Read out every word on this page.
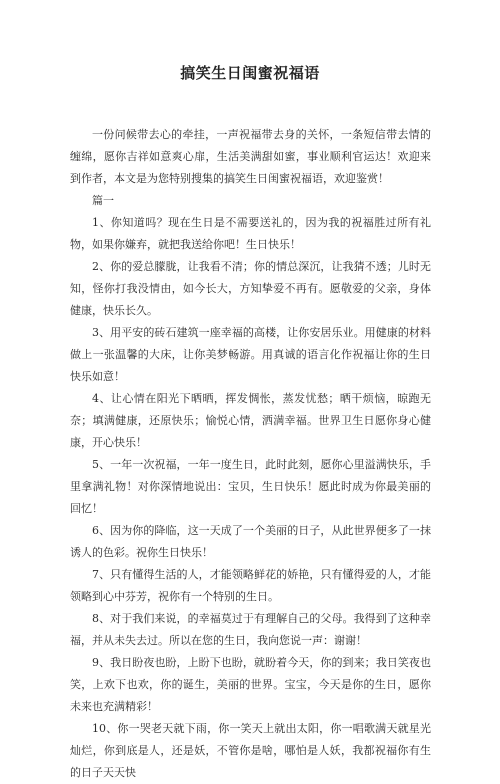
搞笑生日闺蜜祝福语

一份问候带去心的牵挂，一声祝福带去身的关怀，一条短信带去情的缠绵，愿你吉祥如意爽心扉，生活美满甜如蜜，事业顺利官运达！欢迎来到作者，本文是为您特别搜集的搞笑生日闺蜜祝福语，欢迎鉴赏！

篇一

1、你知道吗？现在生日是不需要送礼的，因为我的祝福胜过所有礼物，如果你嫌弃，就把我送给你吧！生日快乐！

2、你的爱总朦胧，让我看不清；你的情总深沉，让我猜不透；儿时无知，怪你打我没情由，如今长大，方知挚爱不再有。愿敬爱的父亲，身体健康，快乐长久。

3、用平安的砖石建筑一座幸福的高楼，让你安居乐业。用健康的材料做上一张温馨的大床，让你美梦畅游。用真诚的语言化作祝福让你的生日快乐如意！

4、让心情在阳光下晒晒，挥发惆怅，蒸发忧愁；晒干烦恼，晾跑无奈；填满健康，还原快乐；愉悦心情，洒满幸福。世界卫生日愿你身心健康，开心快乐！

5、一年一次祝福，一年一度生日，此时此刻，愿你心里溢满快乐，手里拿满礼物！对你深情地说出：宝贝，生日快乐！愿此时成为你最美丽的回忆！

6、因为你的降临，这一天成了一个美丽的日子，从此世界便多了一抹诱人的色彩。祝你生日快乐！

7、只有懂得生活的人，才能领略鲜花的娇艳，只有懂得爱的人，才能领略到心中芬芳，祝你有一个特别的生日。

8、对于我们来说，的幸福莫过于有理解自己的父母。我得到了这种幸福，并从未失去过。所以在您的生日，我向您说一声：谢谢！

9、我日盼夜也盼，上盼下也盼，就盼着今天，你的到来；我日笑夜也笑，上欢下也欢，你的诞生，美丽的世界。宝宝，今天是你的生日，愿你未来也充满精彩！

10、你一哭老天就下雨，你一笑天上就出太阳，你一唱歌满天就星光灿烂，你到底是人，还是妖，不管你是啥，哪怕是人妖，我都祝福你有生的日子天天快
